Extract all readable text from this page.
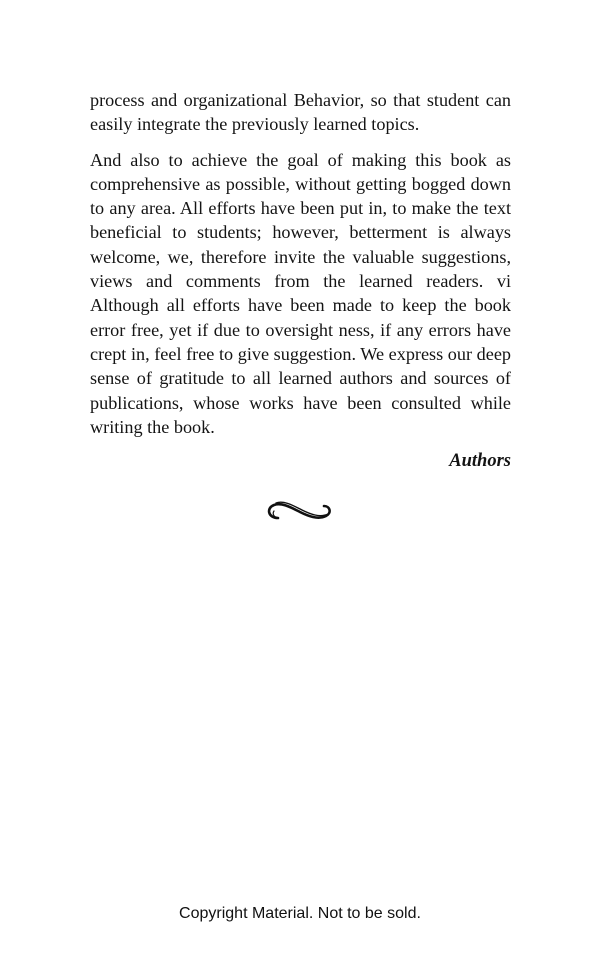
process and organizational Behavior, so that student can easily integrate the previously learned topics.

And also to achieve the goal of making this book as comprehensive as possible, without getting bogged down to any area. All efforts have been put in, to make the text beneficial to students; however, betterment is always welcome, we, therefore invite the valuable suggestions, views and comments from the learned readers. vi Although all efforts have been made to keep the book error free, yet if due to oversight ness, if any errors have crept in, feel free to give suggestion. We express our deep sense of gratitude to all learned authors and sources of publications, whose works have been consulted while writing the book.

Authors
Copyright Material. Not to be sold.
